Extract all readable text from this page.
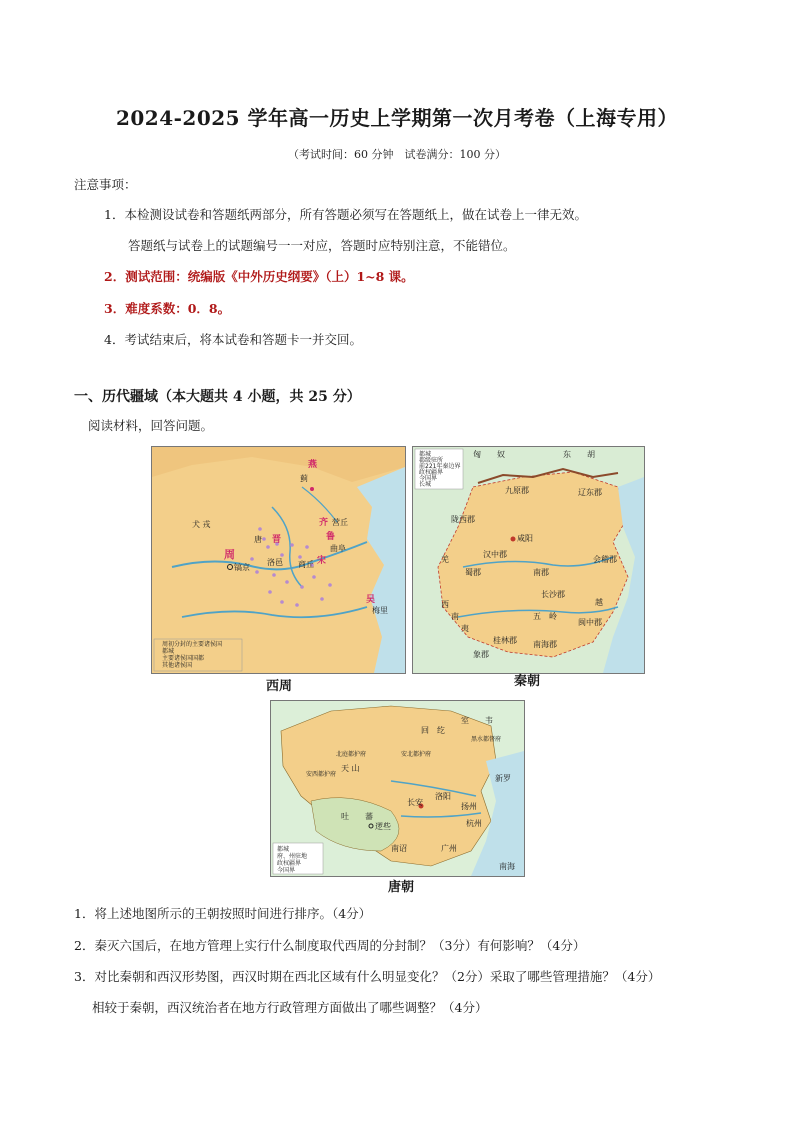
2024-2025 学年高一历史上学期第一次月考卷（上海专用）
（考试时间：60 分钟　试卷满分：100 分）
注意事项：
1．本检测设试卷和答题纸两部分，所有答题必须写在答题纸上，做在试卷上一律无效。
答题纸与试卷上的试题编号一一对应，答题时应特别注意，不能错位。
2．测试范围：统编版《中外历史纲要》（上）1~8 课。
3．难度系数：0．8。
4．考试结束后，将本试卷和答题卡一并交回。
一、历代疆域（本大题共 4 小题，共 25 分）
阅读材料，回答问题。
燕
蓟
犬 戎
唐 晋
齐 营丘
鲁
曲阜
周
镐京
洛邑 商丘 宋
吴
梅里
周初分封的主要诸侯国
都城
主要诸侯国国都
其他诸侯国
西周
匈　　奴	东　　胡
九原郡	辽东郡
陇西郡
咸阳
汉中郡
蜀郡	南郡
会稽郡
长沙郡
羌
西
南
夷
五　岭
桂林郡
象郡
南海郡
闽中郡
越
都城
郡级驻所
前221年秦边界
政权疆界
今国界
长城
秦朝
室　　韦
黑水都督府
回　纥
安北都护府
北庭都护府
安西都护府
天 山
吐　　蕃
逻些
长安
洛阳
扬州
广州
杭州
新罗
南诏
南海
都城
府、州驻地
政权疆界
今国界
唐朝
1．将上述地图所示的王朝按照时间进行排序。（4分）
2．秦灭六国后，在地方管理上实行什么制度取代西周的分封制？（3分）有何影响？（4分）
3．对比秦朝和西汉形势图，西汉时期在西北区域有什么明显变化？（2分）采取了哪些管理措施？（4分）
相较于秦朝，西汉统治者在地方行政管理方面做出了哪些调整？（4分）
